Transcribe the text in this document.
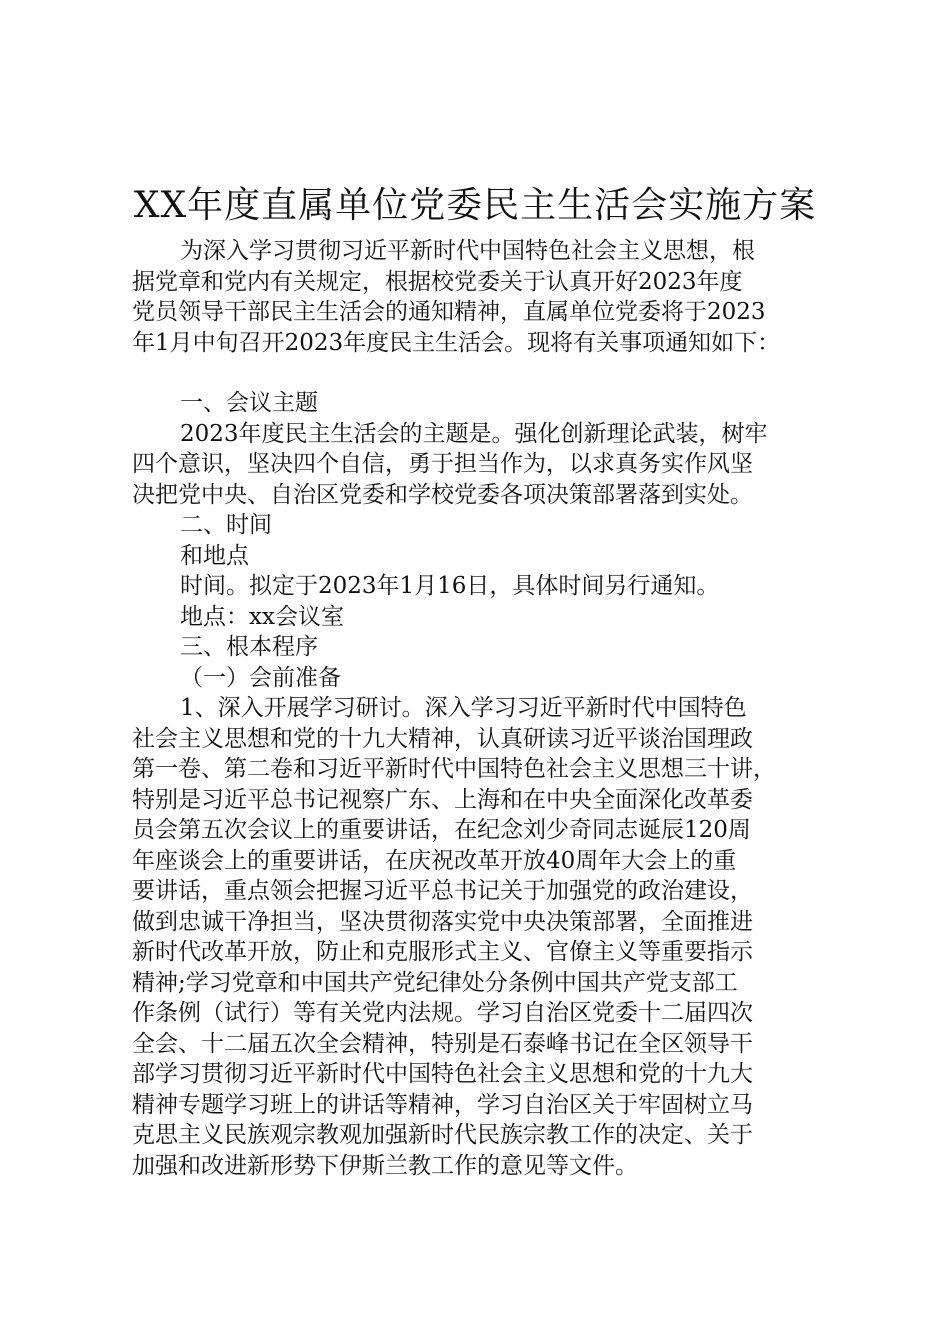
XX年度直属单位党委民主生活会实施方案
为深入学习贯彻习近平新时代中国特色社会主义思想，根
据党章和党内有关规定，根据校党委关于认真开好2023年度
党员领导干部民主生活会的通知精神，直属单位党委将于2023
年1月中旬召开2023年度民主生活会。现将有关事项通知如下：
一、会议主题
2023年度民主生活会的主题是。强化创新理论武装，树牢
四个意识，坚决四个自信，勇于担当作为，以求真务实作风坚
决把党中央、自治区党委和学校党委各项决策部署落到实处。
二、时间
和地点
时间。拟定于2023年1月16日，具体时间另行通知。
地点：xx会议室
三、根本程序
（一）会前准备
1、深入开展学习研讨。深入学习习近平新时代中国特色
社会主义思想和党的十九大精神，认真研读习近平谈治国理政
第一卷、第二卷和习近平新时代中国特色社会主义思想三十讲，
特别是习近平总书记视察广东、上海和在中央全面深化改革委
员会第五次会议上的重要讲话，在纪念刘少奇同志诞辰120周
年座谈会上的重要讲话，在庆祝改革开放40周年大会上的重
要讲话，重点领会把握习近平总书记关于加强党的政治建设，
做到忠诚干净担当，坚决贯彻落实党中央决策部署，全面推进
新时代改革开放，防止和克服形式主义、官僚主义等重要指示
精神;学习党章和中国共产党纪律处分条例中国共产党支部工
作条例（试行）等有关党内法规。学习自治区党委十二届四次
全会、十二届五次全会精神，特别是石泰峰书记在全区领导干
部学习贯彻习近平新时代中国特色社会主义思想和党的十九大
精神专题学习班上的讲话等精神，学习自治区关于牢固树立马
克思主义民族观宗教观加强新时代民族宗教工作的决定、关于
加强和改进新形势下伊斯兰教工作的意见等文件。
